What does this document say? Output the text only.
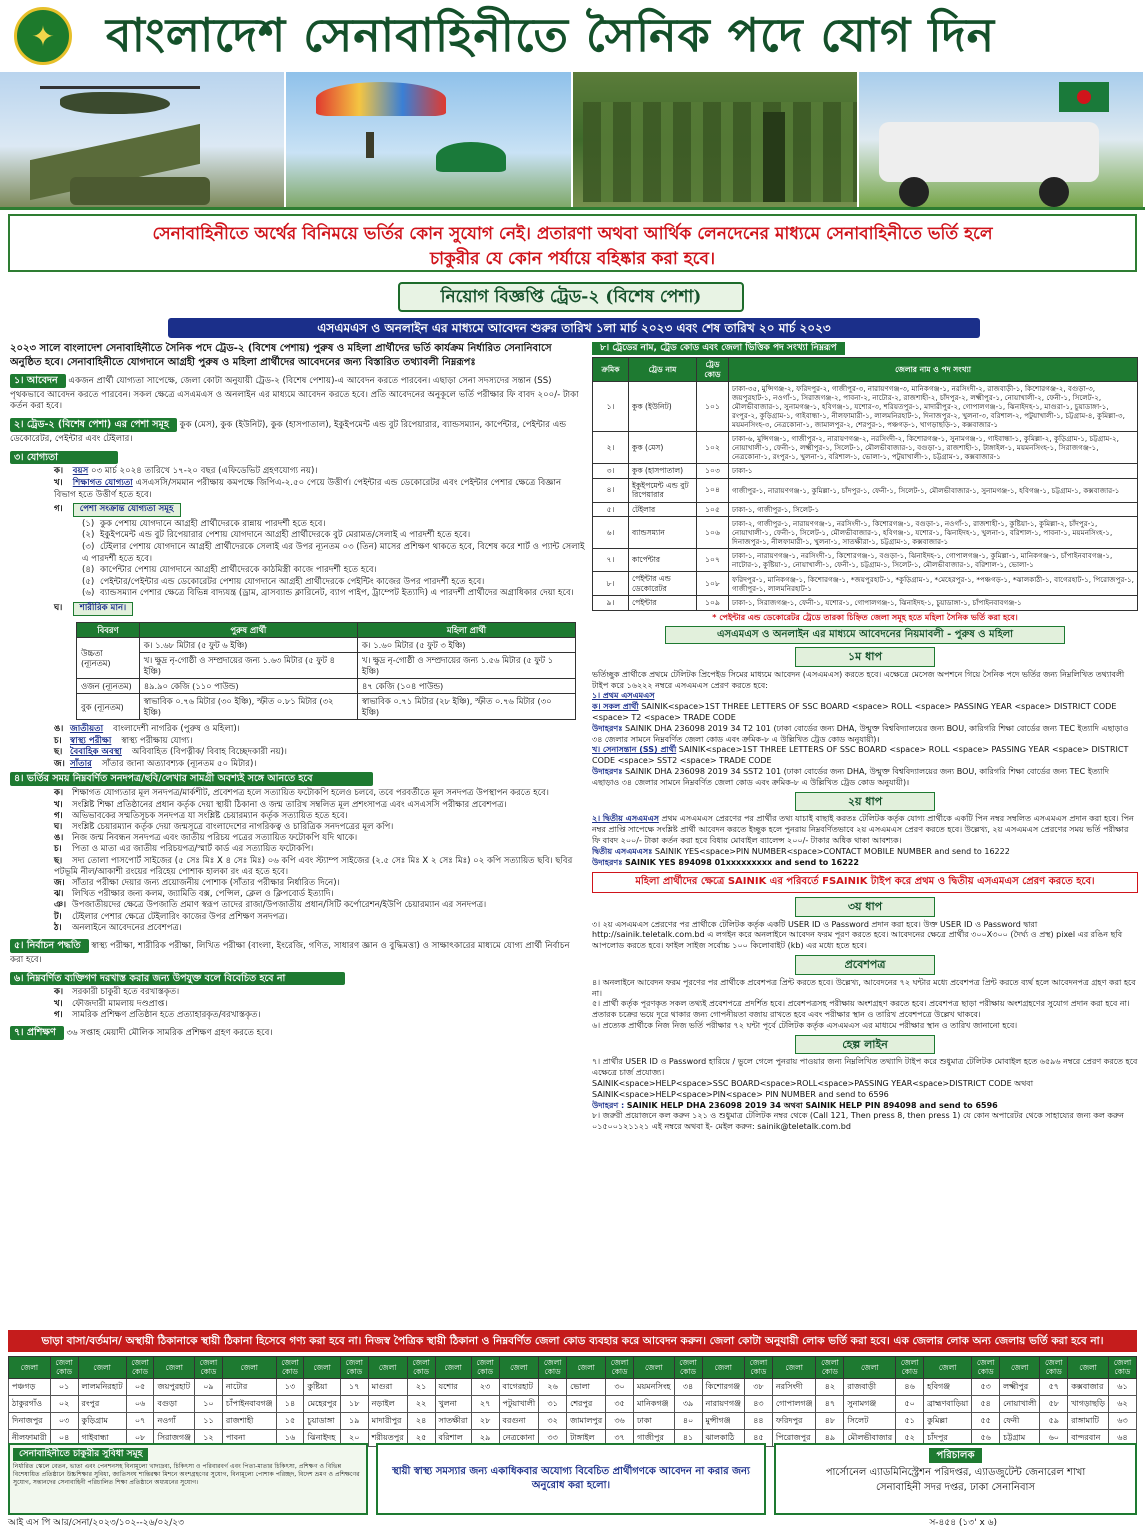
✦	বাংলাদেশ সেনাবাহিনীতে সৈনিক পদে যোগ দিন
সেনাবাহিনীতে অর্থের বিনিময়ে ভর্তির কোন সুযোগ নেই। প্রতারণা অথবা আর্থিক লেনদেনের মাধ্যমে সেনাবাহিনীতে ভর্তি হলে
চাকুরীর যে কোন পর্যায়ে বহিষ্কার করা হবে।
নিয়োগ বিজ্ঞপ্তি ট্রেড-২ (বিশেষ পেশা)
এসএমএস ও অনলাইন এর মাধ্যমে আবেদন শুরুর তারিখ ১লা মার্চ ২০২৩ এবং শেষ তারিখ ২০ মার্চ ২০২৩
২০২৩ সালে বাংলাদেশ সেনাবাহিনীতে সৈনিক পদে ট্রেড-২ (বিশেষ পেশায়) পুরুষ ও মহিলা প্রার্থীদের ভর্তি কার্যক্রম নির্ধারিত সেনানিবাসে অনুষ্ঠিত হবে। সেনাবাহিনীতে যোগদানে আগ্রহী পুরুষ ও মহিলা প্রার্থীদের আবেদনের জন্য বিস্তারিত তথ্যাবলী নিম্নরূপঃ
১। আবেদন একজন প্রার্থী যোগ্যতা সাপেক্ষে, জেলা কোটা অনুযায়ী ট্রেড-২ (বিশেষ পেশায়)-এ আবেদন করতে পারবেন। এছাড়া সেনা সদস্যদের সন্তান (SS) পৃথকভাবে আবেদন করতে পারবেন। সকল ক্ষেত্রে এসএমএস ও অনলাইন এর মাধ্যমে আবেদন করতে হবে। প্রতি আবেদনের অনুকূলে ভর্তি পরীক্ষার ফি বাবদ ২০০/- টাকা কর্তন করা হবে।
২। ট্রেড-২ (বিশেষ পেশা) এর পেশা সমূহ কুক (মেস), কুক (ইউনিট), কুক (হাসপাতাল), ইকুইপমেন্ট এন্ড বুট রিপেয়ারার, ব্যান্ডসম্যান, কার্পেন্টার, পেইন্টার এন্ড ডেকোরেটর, পেইন্টার এবং টেইলার।
৩। যোগ্যতা
ক। বয়স ০৩ মার্চ ২০২৪ তারিখে ১৭-২০ বছর (এফিডেভিট গ্রহণযোগ্য নয়)।
খ। শিক্ষাগত যোগ্যতা এসএসসি/সমমান পরীক্ষায় কমপক্ষে জিপিএ-২.৫০ পেয়ে উত্তীর্ণ। পেইন্টার এন্ড ডেকোরেটর এবং পেইন্টার পেশার ক্ষেত্রে বিজ্ঞান বিভাগ হতে উত্তীর্ণ হতে হবে।
গ। পেশা সংক্রান্ত যোগ্যতা সমূহ
(১) কুক পেশায় যোগদানে আগ্রহী প্রার্থীদেরকে রান্নায় পারদর্শী হতে হবে।
(২) ইকুইপমেন্ট এন্ড বুট রিপেয়ারার পেশায় যোগদানে আগ্রহী প্রার্থীদেরকে বুট মেরামত/সেলাই এ পারদর্শী হতে হবে।
(৩) টেইলার পেশায় যোগদানে আগ্রহী প্রার্থীদেরকে সেলাই এর উপর ন্যূনতম ০৩ (তিন) মাসের প্রশিক্ষণ থাকতে হবে, বিশেষ করে শার্ট ও প্যান্ট সেলাই এ পারদর্শী হতে হবে।
(৪) কার্পেন্টার পেশায় যোগদানে আগ্রহী প্রার্থীদেরকে কাঠমিস্ত্রী কাজে পারদর্শী হতে হবে।
(৫) পেইন্টার/পেইন্টার এন্ড ডেকোরেটর পেশায় যোগদানে আগ্রহী প্রার্থীদেরকে পেইন্টিং কাজের উপর পারদর্শী হতে হবে।
(৬) ব্যান্ডসম্যান পেশার ক্ষেত্রে বিভিন্ন বাদ্যযন্ত্র (ড্রাম, ব্রাসব্যান্ড ক্লারিনেট, ব্যাগ পাইপ, ট্রাম্পেট ইত্যাদি) এ পারদর্শী প্রার্থীদের অগ্রাধিকার দেয়া হবে।
ঘ। শারীরিক মান।
বিবরণ	পুরুষ প্রার্থী	মহিলা প্রার্থী
উচ্চতা (ন্যূনতম)	ক। ১.৬৮ মিটার (৫ ফুট ৬ ইঞ্চি)	ক। ১.৬০ মিটার (৫ ফুট ৩ ইঞ্চি)
	খ। ক্ষুদ্র নৃ-গোষ্ঠী ও সম্প্রদায়ের জন্য ১.৬৩ মিটার (৫ ফুট ৪ ইঞ্চি)	খ। ক্ষুদ্র নৃ-গোষ্ঠী ও সম্প্রদায়ের জন্য ১.৫৬ মিটার (৫ ফুট ১ ইঞ্চি)
ওজন (ন্যূনতম)	৪৯.৯০ কেজি (১১০ পাউন্ড)	৪৭ কেজি (১০৪ পাউন্ড)
বুক (ন্যূনতম)	স্বাভাবিক ০.৭৬ মিটার (৩০ ইঞ্চি), স্ফীত ০.৮১ মিটার (৩২ ইঞ্চি)	স্বাভাবিক ০.৭১ মিটার (২৮ ইঞ্চি), স্ফীত ০.৭৬ মিটার (৩০ ইঞ্চি)
ঙ। জাতীয়তা বাংলাদেশী নাগরিক (পুরুষ ও মহিলা)।
চ। স্বাস্থ্য পরীক্ষা স্বাস্থ্য পরীক্ষায় যোগ্য।
ছ। বৈবাহিক অবস্থা অবিবাহিত (বিপত্নীক/ বিবাহ বিচ্ছেদকারী নয়)।
জ। সাঁতার সাঁতার জানা অত্যাবশ্যক (ন্যূনতম ৫০ মিটার)।
৪। ভর্তির সময় নিম্নবর্ণিত সনদপত্র/ছবি/লেখার সামগ্রী অবশ্যই সঙ্গে আনতে হবে
ক। শিক্ষাগত যোগ্যতার মূল সনদপত্র/মার্কশীট, প্রবেশপত্র হলে সত্যায়িত ফটোকপি হলেও চলবে, তবে পরবর্তীতে মূল সনদপত্র উপস্থাপন করতে হবে।
খ। সংশ্লিষ্ট শিক্ষা প্রতিষ্ঠানের প্রধান কর্তৃক দেয়া স্থায়ী ঠিকানা ও জন্ম তারিখ সম্বলিত মূল প্রশংসাপত্র এবং এসএসসি পরীক্ষার প্রবেশপত্র।
গ। অভিভাবকের সম্মতিসূচক সনদপত্র যা সংশ্লিষ্ট চেয়ারম্যান কর্তৃক সত্যায়িত হতে হবে।
ঘ। সংশ্লিষ্ট চেয়ারম্যান কর্তৃক দেয়া জন্মসূত্রে বাংলাদেশের নাগরিকত্ব ও চারিত্রিক সনদপত্রের মূল কপি।
ঙ। নিজ জন্ম নিবন্ধন সনদপত্র এবং জাতীয় পরিচয় পত্রের সত্যায়িত ফটোকপি যদি থাকে।
চ। পিতা ও মাতা এর জাতীয় পরিচয়পত্র/স্মার্ট কার্ড এর সত্যায়িত ফটোকপি।
ছ। সদ্য তোলা পাসপোর্ট সাইজের (৫ সেঃ মিঃ X ৪ সেঃ মিঃ) ০৬ কপি এবং স্ট্যাম্প সাইজের (২.৫ সেঃ মিঃ X ২ সেঃ মিঃ) ০২ কপি সত্যায়িত ছবি। ছবির পটভূমি নীল/আকাশী রংয়ের পরিহেয় পোশাক হালকা রং এর হতে হবে।
জ। সাঁতার পরীক্ষা দেয়ার জন্য প্রয়োজনীয় পোশাক (সাঁতার পরীক্ষার নির্ধারিত দিনে)।
ঝ। লিখিত পরীক্ষার জন্য কলম, জ্যামিতি বক্স, পেন্সিল, ক্লেল ও ক্লিপবোর্ড ইত্যাদি।
ঞ। উপজাতীয়দের ক্ষেত্রে উপজাতি প্রমাণ স্বরূপ তাদের রাজা/উপজাতীয় প্রধান/সিটি কর্পোরেশন/ইউপি চেয়ারম্যান এর সনদপত্র।
ট। টেইলার পেশার ক্ষেত্রে টেইলারিং কাজের উপর প্রশিক্ষণ সনদপত্র।
ঠ। অনলাইনে আবেদনের প্রবেশপত্র।
৫। নির্বাচন পদ্ধতি স্বাস্থ্য পরীক্ষা, শারীরিক পরীক্ষা, লিখিত পরীক্ষা (বাংলা, ইংরেজি, গণিত, সাধারণ জ্ঞান ও বুদ্ধিমত্তা) ও সাক্ষাৎকারের মাধ্যমে যোগ্য প্রার্থী নির্বাচন করা হবে।
৬। নিম্নবর্ণিত ব্যক্তিগণ দরখাস্ত করার জন্য উপযুক্ত বলে বিবেচিত হবে না
ক। সরকারী চাকুরী হতে বরখাস্তকৃত।
খ। ফৌজদারী মামলায় দণ্ডপ্রাপ্ত।
গ। সামরিক প্রশিক্ষণ প্রতিষ্ঠান হতে প্রত্যাহারকৃত/বরখাস্তকৃত।
৭। প্রশিক্ষণ ৩৬ সপ্তাহ মেয়াদী মৌলিক সামরিক প্রশিক্ষণ গ্রহণ করতে হবে।
৮। ট্রেডের নাম, ট্রেড কোড এবং জেলা ভিত্তিক পদ সংখ্যা নিম্নরূপ
ক্রমিক	ট্রেড নাম	ট্রেড কোড	জেলার নাম ও পদ সংখ্যা
১।	কুক (ইউনিট)	১০১	ঢাকা-৩৫, মুন্সিগঞ্জ-২, ফরিদপুর-২, গাজীপুর-৩, নারায়ণগঞ্জ-৩, মানিকগঞ্জ-১, নরসিংদী-২, রাজবাড়ী-১, কিশোরগঞ্জ-২, বগুড়া-৩, জয়পুরহাট-১, নওগাঁ-১, সিরাজগঞ্জ-২, পাবনা-২, নাটোর-২, রাজশাহী-২, চাঁদপুর-২, লক্ষ্মীপুর-১, নোয়াখালী-২, ফেনী-১, সিলেট-২, মৌলভীবাজার-১, সুনামগঞ্জ-১, হবিগঞ্জ-১, যশোর-৩, শরিয়তপুর-১, মাদারীপুর-২, গোপালগঞ্জ-১, ঝিনাইদহ-১, মাগুরা-১, চুয়াডাঙ্গা-১, রংপুর-২, কুড়িগ্রাম-১, গাইবান্ধা-১, নীলফামারী-১, লালমনিরহাট-১, দিনাজপুর-২, খুলনা-৩, বরিশাল-২, পটুয়াখালী-১, চট্টগ্রাম-৪, কুমিল্লা-৩, ময়মনসিংহ-৩, নেত্রকোনা-১, জামালপুর-২, শেরপুর-১, পঞ্চগড়-১, খাগড়াছড়ি-১, কক্সবাজার-১
২।	কুক (মেস)	১০২	ঢাকা-৬, মুন্সিগঞ্জ-১, গাজীপুর-২, নারায়ণগঞ্জ-২, নরসিংদী-২, কিশোরগঞ্জ-১, সুনামগঞ্জ-১, গাইবান্ধা-১, কুমিল্লা-২, কুড়িগ্রাম-১, চট্টগ্রাম-২, নোয়াখালী-১, ফেনী-১, লক্ষ্মীপুর-১, সিলেট-১, মৌলভীবাজার-১, বগুড়া-১, রাজশাহী-১, টাঙ্গাইল-১, ময়মনসিংহ-১, সিরাজগঞ্জ-১, নেত্রকোনা-১, রংপুর-১, খুলনা-১, বরিশাল-১, ভোলা-১, পটুয়াখালী-১, চট্টগ্রাম-১, কক্সবাজার-১
৩।	কুক (হাসপাতাল)	১০৩	ঢাকা-১
৪।	ইকুইপমেন্ট এন্ড বুট রিপেয়ারার	১০৪	গাজীপুর-১, নারায়ণগঞ্জ-১, কুমিল্লা-১, চাঁদপুর-১, ফেনী-১, সিলেট-১, মৌলভীবাজার-১, সুনামগঞ্জ-১, হবিগঞ্জ-১, চট্টগ্রাম-১, কক্সবাজার-১
৫।	টেইলার	১০৫	ঢাকা-১, গাজীপুর-১, সিলেট-১
৬।	ব্যান্ডসম্যান	১০৬	ঢাকা-২, গাজীপুর-১, নারায়ণগঞ্জ-১, নরসিংদী-১, কিশোরগঞ্জ-১, বগুড়া-১, নওগাঁ-১, রাজশাহী-১, কুষ্টিয়া-১, কুমিল্লা-২, চাঁদপুর-১, নোয়াখালী-১, ফেনী-১, সিলেট-১, মৌলভীবাজার-১, হবিগঞ্জ-১, যশোর-১, ঝিনাইদহ-১, খুলনা-১, বরিশাল-১, পাবনা-১, ময়মনসিংহ-১, দিনাজপুর-১, নীলফামারী-১, খুলনা-১, সাতক্ষীরা-১, চট্টগ্রাম-১, কক্সবাজার-১
৭।	কার্পেন্টার	১০৭	ঢাকা-১, নারায়ণগঞ্জ-১, নরসিংদী-১, কিশোরগঞ্জ-১, বগুড়া-১, ঝিনাইদহ-১, গোপালগঞ্জ-১, কুমিল্লা-১, মানিকগঞ্জ-১, চাঁপাইনবাবগঞ্জ-১, নাটোর-১, কুষ্টিয়া-১, নোয়াখালী-১, ফেনী-১, চট্টগ্রাম-১, সিলেট-১, মৌলভীবাজার-১, বরিশাল-১, ভোলা-১
৮।	পেইন্টার এন্ড ডেকোরেটর	১০৮	ফরিদপুর-১, মানিকগঞ্জ-১, কিশোরগঞ্জ-১, *জয়পুরহাট-১, *কুড়িগ্রাম-১, *মেহেরপুর-১, *পঞ্চগড়-১, *ঝালকাঠী-১, বাগেরহাট-১, পিরোজপুর-১, গাজীপুর-১, লালমনিরহাট-১
৯।	পেইন্টার	১০৯	ঢাকা-১, সিরাজগঞ্জ-১, ফেনী-১, যশোর-১, গোপালগঞ্জ-১, ঝিনাইদহ-১, চুয়াডাঙ্গা-১, চাঁপাইনবাবগঞ্জ-১
* পেইন্টার এন্ড ডেকোরেটর ট্রেডে তারকা চিহ্নিত জেলা সমূহ হতে মহিলা সৈনিক ভর্তি করা হবে।
এসএমএস ও অনলাইন এর মাধ্যমে আবেদনের নিয়মাবলী - পুরুষ ও মহিলা
১ম ধাপ
ভর্তিচ্ছুক প্রার্থীকে প্রথমে টেলিটক প্রিপেইড সিমের মাধ্যমে আবেদন (এসএমএস) করতে হবে। এক্ষেত্রে মেসেজ অপশনে গিয়ে সৈনিক পদে ভর্তির জন্য নিম্নলিখিত তথ্যাবলী টাইপ করে ১৬২২২ নম্বরে এসএমএস প্রেরণ করতে হবে:
১। প্রথম এসএমএস
ক। সকল প্রার্থী SAINIK<space>1ST THREE LETTERS OF SSC BOARD <space> ROLL <space> PASSING YEAR <space> DISTRICT CODE <space> T2 <space> TRADE CODE
উদাহরণঃ SAINIK DHA 236098 2019 34 T2 101 (ঢাকা বোর্ডের জন্য DHA, উন্মুক্ত বিশ্ববিদ্যালয়ের জন্য BOU, কারিগরি শিক্ষা বোর্ডের জন্য TEC ইত্যাদি এছাড়াও ৩৪ জেলার সামনে নিম্নবর্ণিত জেলা কোড এবং ক্রমিক-৮ এ উল্লিখিত ট্রেড কোড অনুযায়ী)।
খ। সেনাসন্তান (SS) প্রার্থী SAINIK<space>1ST THREE LETTERS OF SSC BOARD <space> ROLL <space> PASSING YEAR <space> DISTRICT CODE <space> SST2 <space> TRADE CODE
উদাহরণঃ SAINIK DHA 236098 2019 34 SST2 101 (ঢাকা বোর্ডের জন্য DHA, উন্মুক্ত বিশ্ববিদ্যালয়ের জন্য BOU, কারিগরি শিক্ষা বোর্ডের জন্য TEC ইত্যাদি এছাড়াও ৩৪ জেলার সামনে নিম্নবর্ণিত জেলা কোড এবং ক্রমিক-৮ এ উল্লিখিত ট্রেড কোড অনুযায়ী)।
২য় ধাপ
২। দ্বিতীয় এসএমএস প্রথম এসএমএস প্রেরণের পর প্রার্থীর তথ্য যাচাই বাছাই করতঃ টেলিটক কর্তৃক যোগ্য প্রার্থীকে একটি পিন নম্বর সম্বলিত এসএমএস প্রদান করা হবে। পিন নম্বর প্রাপ্তি সাপেক্ষে সংশ্লিষ্ট প্রার্থী আবেদন করতে ইচ্ছুক হলে পুনরায় নিম্নবর্ণিতভাবে ২য় এসএমএস প্রেরণ করতে হবে। উল্লেখ্য, ২য় এসএমএস প্রেরণের সময় ভর্তি পরীক্ষার ফি বাবদ ২০০/- টাকা কর্তন করা হবে বিধায় মোবাইল ব্যালেন্স ২০০/- টাকার অধিক থাকা আবশ্যক।
দ্বিতীয় এসএমএসঃ SAINIK YES<space>PIN NUMBER<space>CONTACT MOBILE NUMBER and send to 16222
উদাহরণঃ SAINIK YES 894098 01xxxxxxxxx and send to 16222
মহিলা প্রার্থীদের ক্ষেত্রে SAINIK এর পরিবর্তে FSAINIK টাইপ করে প্রথম ও দ্বিতীয় এসএমএস প্রেরণ করতে হবে।
৩য় ধাপ
৩। ২য় এসএমএস প্রেরণের পর প্রার্থীকে টেলিটক কর্তৃক একটি USER ID ও Password প্রদান করা হবে। উক্ত USER ID ও Password দ্বারা http://sainik.teletalk.com.bd এ লগইন করে অনলাইনে আবেদন ফরম পূরণ করতে হবে। আবেদনের ক্ষেত্রে প্রার্থীর ৩০০X৩০০ (দৈর্ঘ্য ও প্রস্থ) pixel এর রঙিন ছবি আপলোড করতে হবে। ফাইল সাইজ সর্বোচ্চ ১০০ কিলোবাইট (kb) এর মধ্যে হতে হবে।
প্রবেশপত্র
৪। অনলাইনে আবেদন ফরম পূরণের পর প্রার্থীকে প্রবেশপত্র প্রিন্ট করতে হবে। উল্লেখ্য, আবেদনের ৭২ ঘন্টার মধ্যে প্রবেশপত্র প্রিন্ট করতে ব্যর্থ হলে আবেদনপত্র গ্রহণ করা হবে না।
৫। প্রার্থী কর্তৃক পূরণকৃত সকল তথ্যই প্রবেশপত্রে প্রদর্শিত হবে। প্রবেশপত্রসহ পরীক্ষায় অংশগ্রহণ করতে হবে। প্রবেশপত্র ছাড়া পরীক্ষায় অংশগ্রহণের সুযোগ প্রদান করা হবে না। প্রতারক চক্রের ভয়ে দূরে থাকার জন্য গোপনীয়তা বজায় রাখতে হবে এবং পরীক্ষার স্থান ও তারিখ প্রবেশপত্রে উল্লেখ থাকবে।
৬। প্রত্যেক প্রার্থীকে নিজ নিজ ভর্তি পরীক্ষার ৭২ ঘন্টা পূর্বে টেলিটক কর্তৃক এসএমএস এর মাধ্যমে পরীক্ষার স্থান ও তারিখ জানানো হবে।
হেল্প লাইন
৭। প্রার্থীর USER ID ও Password হারিয়ে / ভুলে গেলে পুনরায় পাওয়ার জন্য নিম্নলিখিত তথ্যাদি টাইপ করে শুধুমাত্র টেলিটক মোবাইল হতে ৬৫৯৬ নম্বরে প্রেরণ করতে হবে এক্ষেত্রে চার্জ প্রযোজ্য।
SAINIK<space>HELP<space>SSC BOARD<space>ROLL<space>PASSING YEAR<space>DISTRICT CODE অথবা
SAINIK<space>HELP<space>PIN<space> PIN NUMBER and send to 6596
উদাহরণ : SAINIK HELP DHA 236098 2019 34 অথবা SAINIK HELP PIN 894098 and send to 6596
৮। জরুরী প্রয়োজনে কল করুন ১২১ ও শুধুমাত্র টেলিটক নম্বর থেকে (Call 121, Then press 8, then press 1) যে কোন অপারেটর থেকে সাহায্যের জন্য কল করুন ০১৫০০১২১১২১ এই নম্বরে অথবা ই- মেইল করুন: sainik@teletalk.com.bd
ভাড়া বাসা/বর্তমান/ অস্থায়ী ঠিকানাকে স্থায়ী ঠিকানা হিসেবে গণ্য করা হবে না। নিজস্ব পৈত্রিক স্থায়ী ঠিকানা ও নিম্নবর্ণিত জেলা কোড ব্যবহার করে আবেদন করুন। জেলা কোটা অনুযায়ী লোক ভর্তি করা হবে। এক জেলার লোক অন্য জেলায় ভর্তি করা হবে না।
জেলা	জেলা কোড	জেলা	জেলা কোড	জেলা	জেলা কোড	জেলা	জেলা কোড	জেলা	জেলা কোড	জেলা	জেলা কোড	জেলা	জেলা কোড	জেলা	জেলা কোড	জেলা	জেলা কোড	জেলা	জেলা কোড	জেলা	জেলা কোড	জেলা	জেলা কোড	জেলা	জেলা কোড	জেলা	জেলা কোড	জেলা	জেলা কোড	জেলা	জেলা কোড
পঞ্চগড়	০১	লালমনিরহাট	০৫	জয়পুরহাট	০৯	নাটোর	১৩	কুষ্টিয়া	১৭	মাগুরা	২১	যশোর	২৩	বাগেরহাট	২৬	ভোলা	৩০	ময়মনসিংহ	৩৪	কিশোরগঞ্জ	৩৮	নরসিংদী	৪২	রাজবাড়ী	৪৬	হবিগঞ্জ	৫৩	লক্ষ্মীপুর	৫৭	কক্সবাজার	৬১
ঠাকুরগাঁও	০২	রংপুর	০৬	বগুড়া	১০	চাঁপাইনবাবগঞ্জ	১৪	মেহেরপুর	১৮	নড়াইল	২২	খুলনা	২৭	পটুয়াখালী	৩১	শেরপুর	৩৫	মানিকগঞ্জ	৩৯	নারায়ণগঞ্জ	৪৩	গোপালগঞ্জ	৪৭	সুনামগঞ্জ	৫০	ব্রাহ্মণবাড়িয়া	৫৪	নোয়াখালী	৫৮	খাগড়াছড়ি	৬২
দিনাজপুর	০৩	কুড়িগ্রাম	০৭	নওগাঁ	১১	রাজশাহী	১৫	চুয়াডাঙ্গা	১৯	মাদারীপুর	২৪	সাতক্ষীরা	২৮	বরগুনা	৩২	জামালপুর	৩৬	ঢাকা	৪০	মুন্সীগঞ্জ	৪৪	ফরিদপুর	৪৮	সিলেট	৫১	কুমিল্লা	৫৫	ফেনী	৫৯	রাঙ্গামাটি	৬৩
নীলফামারী	০৪	গাইবান্ধা	০৮	সিরাজগঞ্জ	১২	পাবনা	১৬	ঝিনাইদহ	২০	শরীয়তপুর	২৫	বরিশাল	২৯	নেত্রকোনা	৩৩	টাঙ্গাইল	৩৭	গাজীপুর	৪১	ঝালকাঠি	৪৫	পিরোজপুর	৪৯	মৌলভীবাজার	৫২	চাঁদপুর	৫৬	চট্টগ্রাম	৬০	বান্দরবান	৬৪
সেনাবাহিনীতে চাকুরীর সুবিধা সমূহ
নির্ধারিত স্কেলে বেতন, ভাতা এবং পেনশনসহ বিনামূল্যে খাদ্যদ্রব্য, চিকিৎসা ও পরিবারবর্গ এবং পিতা-মাতার চিকিৎসা, প্রশিক্ষণ ও বিভিন্ন বিশেষায়িত প্রতিষ্ঠানে উচ্চশিক্ষার সুবিধা, জাতিসংঘ শান্তিরক্ষা মিশনে অংশগ্রহণের সুযোগ, বিনামূল্যে পোশাক পরিচ্ছদ, বিদেশ ভ্রমণ ও প্রশিক্ষণের সুযোগ, সন্তানদের সেনাবাহিনী পরিচালিত শিক্ষা প্রতিষ্ঠানে অধ্যয়নের সুযোগ।
স্থায়ী স্বাস্থ্য সমস্যার জন্য একাধিকবার অযোগ্য বিবেচিত প্রার্থীগণকে আবেদন না করার জন্য অনুরোধ করা হলো।
পরিচালক
পার্সোনেল এ্যাডমিনিস্ট্রেশন পরিদপ্তর, এ্যাডজুটেন্ট জেনারেল শাখা
সেনাবাহিনী সদর দপ্তর, ঢাকা সেনানিবাস
আই এস পি আর/সেনা/২০২৩/১০২--২৬/০২/২৩	স-৪৫৪ (১৩' x ৬)
